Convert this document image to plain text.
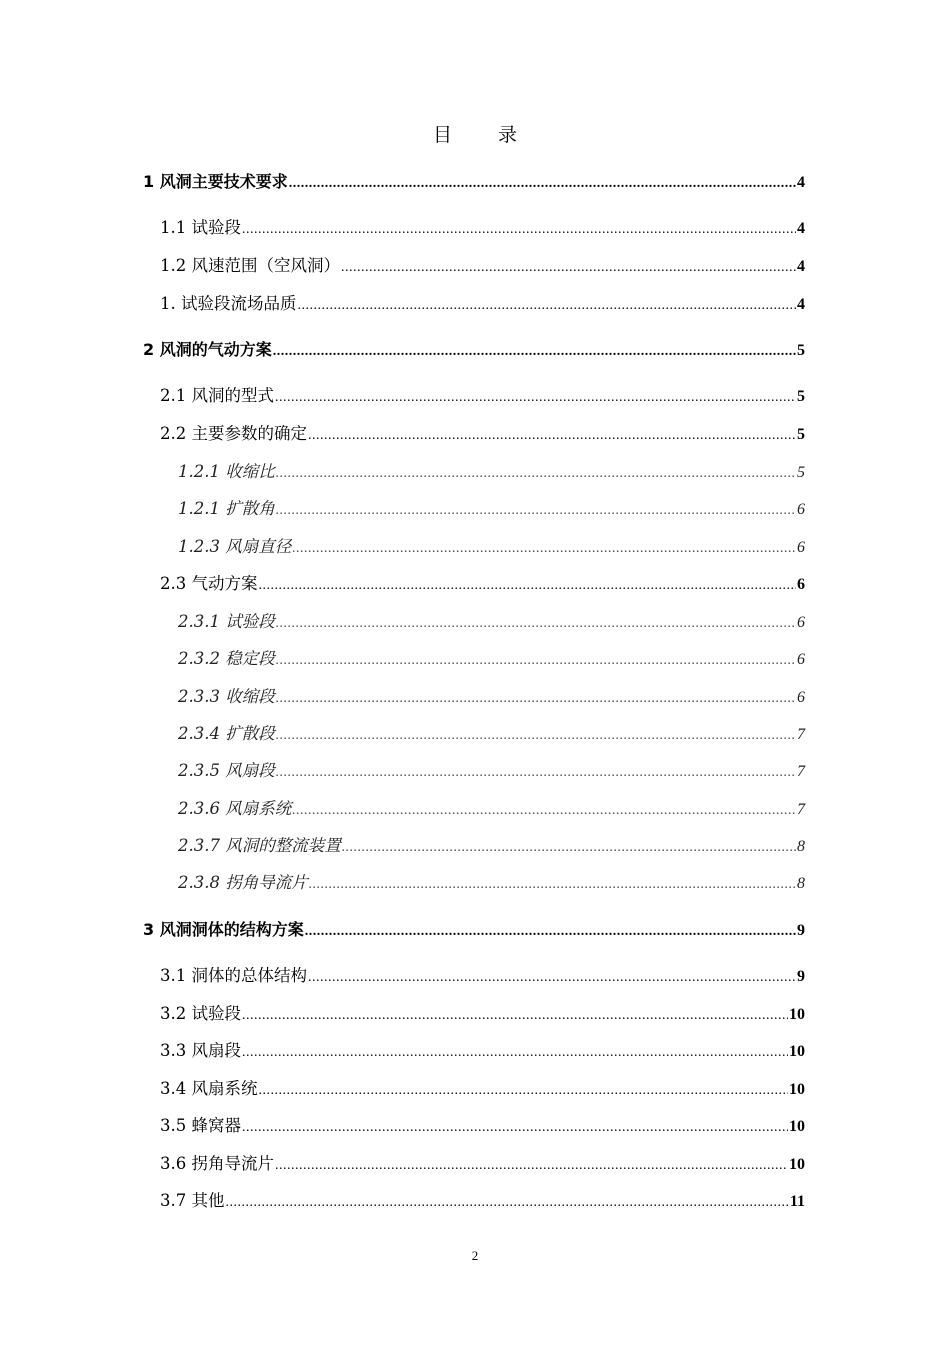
目 录
1 风洞主要技术要求 .....	4
1.1 试验段 .....	4
1.2 风速范围（空风洞） .....	4
1. 试验段流场品质 .....	4
2 风洞的气动方案 .....	5
2.1 风洞的型式 .....	5
2.2 主要参数的确定 .....	5
1.2.1 收缩比 .....	5
1.2.1 扩散角 .....	6
1.2.3 风扇直径 .....	6
2.3 气动方案 .....	6
2.3.1 试验段 .....	6
2.3.2 稳定段 .....	6
2.3.3 收缩段 .....	6
2.3.4 扩散段 .....	7
2.3.5 风扇段 .....	7
2.3.6 风扇系统 .....	7
2.3.7 风洞的整流装置 .....	8
2.3.8 拐角导流片 .....	8
3 风洞洞体的结构方案 .....	9
3.1 洞体的总体结构 .....	9
3.2 试验段 .....	10
3.3 风扇段 .....	10
3.4 风扇系统 .....	10
3.5 蜂窝器 .....	10
3.6 拐角导流片 .....	10
3.7 其他 .....	11
2
